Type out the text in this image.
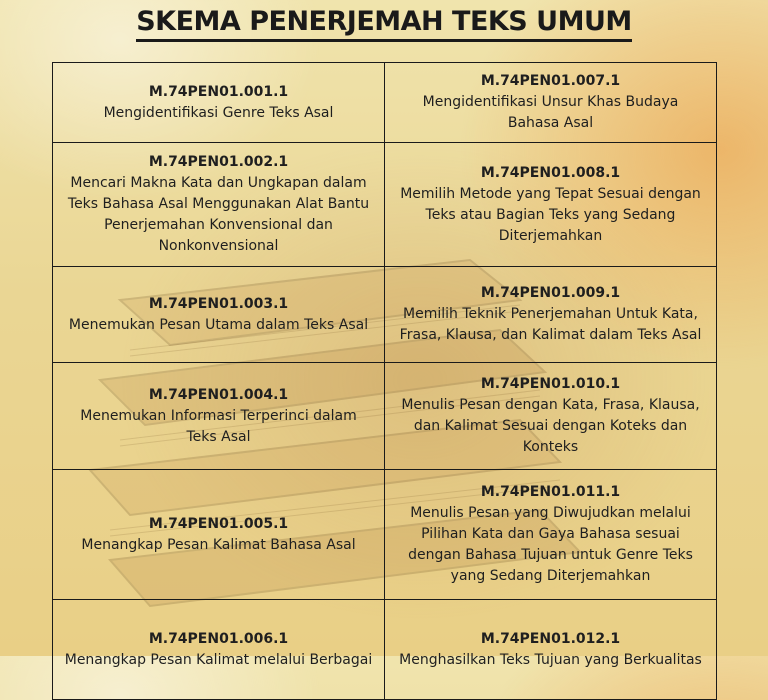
SKEMA PENERJEMAH TEKS UMUM
M.74PEN01.001.1
Mengidentifikasi Genre Teks Asal	M.74PEN01.007.1
Mengidentifikasi Unsur Khas Budaya Bahasa Asal

M.74PEN01.002.1
Mencari Makna Kata dan Ungkapan dalam Teks Bahasa Asal Menggunakan Alat Bantu Penerjemahan Konvensional dan Nonkonvensional	M.74PEN01.008.1
Memilih Metode yang Tepat Sesuai dengan Teks atau Bagian Teks yang Sedang Diterjemahkan

M.74PEN01.003.1
Menemukan Pesan Utama dalam Teks Asal	M.74PEN01.009.1
Memilih Teknik Penerjemahan Untuk Kata, Frasa, Klausa, dan Kalimat dalam Teks Asal

M.74PEN01.004.1
Menemukan Informasi Terperinci dalam Teks Asal	M.74PEN01.010.1
Menulis Pesan dengan Kata, Frasa, Klausa, dan Kalimat Sesuai dengan Koteks dan Konteks

M.74PEN01.005.1
Menangkap Pesan Kalimat Bahasa Asal	M.74PEN01.011.1
Menulis Pesan yang Diwujudkan melalui Pilihan Kata dan Gaya Bahasa sesuai dengan Bahasa Tujuan untuk Genre Teks yang Sedang Diterjemahkan

M.74PEN01.006.1
Menangkap Pesan Kalimat melalui Berbagai	M.74PEN01.012.1
Menghasilkan Teks Tujuan yang Berkualitas
